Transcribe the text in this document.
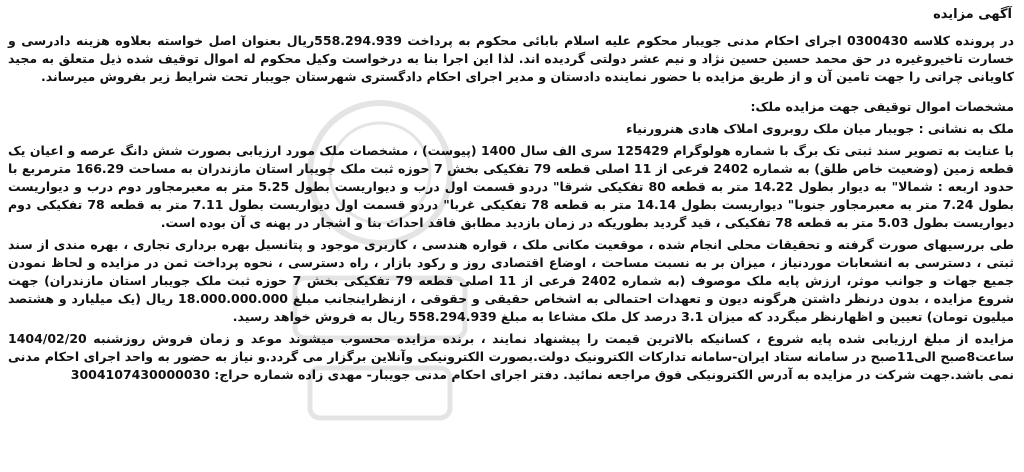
آگهی مزایده

در پرونده کلاسه 0300430 اجرای احکام مدنی جویبار محکوم علیه اسلام بابائی محکوم به پرداخت 558.294.939ریال بعنوان اصل خواسته بعلاوه هزینه دادرسی و خسارت تاخیروغیره در حق محمد حسین حسین نژاد و نیم عشر دولتی گردیده اند. لذا این اجرا بنا به درخواست وکیل محکوم له اموال توقیف شده ذیل متعلق به مجید کاویانی چراتی را جهت تامین آن و از طریق مزایده با حضور نماینده دادستان و مدیر اجرای احکام دادگستری شهرستان جویبار تحت شرایط زیر بفروش میرساند.

مشخصات اموال توقیفی جهت مزایده ملک:
ملک به نشانی : جویبار میان ملک روبروی املاک هادی هنرورنیاء

با عنایت به تصویر سند ثبتی تک برگ با شماره هولوگرام 125429 سری الف سال 1400 (پیوست) ، مشخصات ملک مورد ارزیابی بصورت شش دانگ عرصه و اعیان یک قطعه زمین (وضعیت خاص طلق) به شماره 2402 فرعی از 11 اصلی قطعه 79 تفکیکی بخش 7 حوزه ثبت ملک جویبار استان مازندران به مساحت 166.29 مترمربع با حدود اربعه : شمالا" به دیوار بطول 14.22 متر به قطعه 80 تفکیکی شرقا" دردو قسمت اول درب و دیواریست بطول 5.25 متر به معبرمجاور دوم درب و دیواریست بطول 7.24 متر به معبرمجاور جنوبا" دیواریست بطول 14.14 متر به قطعه 78 تفکیکی غربا" دردو قسمت اول دیواریست بطول 7.11 متر به قطعه 78 تفکیکی دوم دیواریست بطول 5.03 متر به قطعه 78 تفکیکی ، قید گردید بطوریکه در زمان بازدید مطابق فاقد احداث بنا و اشجار در پهنه ی آن بوده است.

طی بررسیهای صورت گرفته و تحقیقات محلی انجام شده ، موقعیت مکانی ملک ، قواره هندسی ، کاربری موجود و پتانسیل بهره برداری تجاری ، بهره مندی از سند ثبتی ، دسترسی به انشعابات موردنیاز ، میزان بر به نسبت مساحت ، اوضاع اقتصادی روز و رکود بازار ، راه دسترسی ، نحوه پرداخت ثمن در مزایده و لحاظ نمودن جمیع جهات و جوانب موثر، ارزش پایه ملک موصوف (به شماره 2402 فرعی از 11 اصلی قطعه 79 تفکیکی بخش 7 حوزه ثبت ملک جویبار استان مازندران) جهت شروع مزایده ، بدون درنظر داشتن هرگونه دیون و تعهدات احتمالی به اشخاص حقیقی و حقوقی ، ازنظراینجانب مبلغ 18.000.000.000 ریال (یک میلیارد و هشتصد میلیون تومان) تعیین و اظهارنظر میگردد که میزان 3.1 درصد کل ملک مشاعا به مبلغ 558.294.939 ریال به فروش خواهد رسید.

مزایده از مبلغ ارزیابی شده پایه شروع ، کسانیکه بالاترین قیمت را پیشنهاد نمایند ، برنده مزایده محسوب میشوند موعد و زمان فروش روزشنبه 1404/02/20 ساعت8صبح الی11صبح در سامانه ستاد ایران-سامانه تدارکات الکترونیک دولت.بصورت الکترونیکی وآنلاین برگزار می گردد.و نیاز به حضور به واحد اجرای احکام مدنی نمی باشد.جهت شرکت در مزایده به آدرس الکترونیکی فوق مراجعه نمائید. دفتر اجرای احکام مدنی جویبار- مهدی زاده شماره حراج: 3004107430000030
